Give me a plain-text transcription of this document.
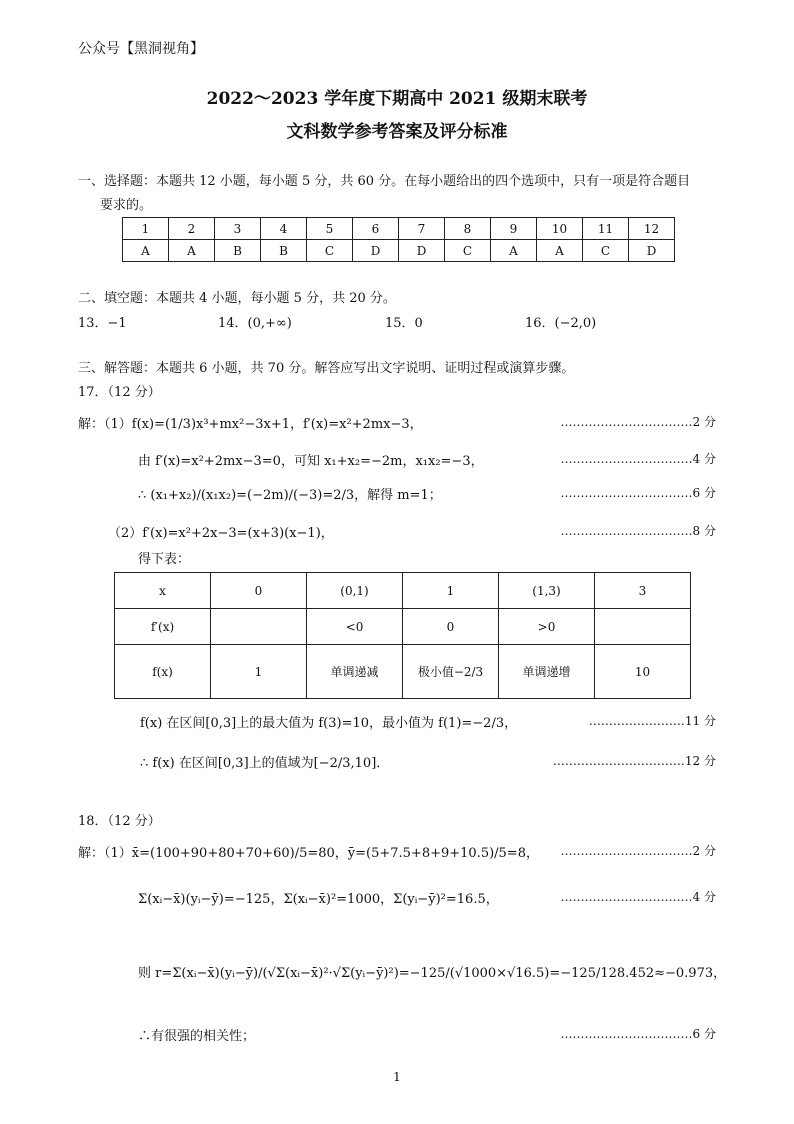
公众号【黑洞视角】
2022～2023 学年度下期高中 2021 级期末联考
文科数学参考答案及评分标准
一、选择题：本题共 12 小题，每小题 5 分，共 60 分。在每小题给出的四个选项中，只有一项是符合题目
要求的。
1	2	3	4	5	6	7	8	9	10	11	12
A	A	B	B	C	D	D	C	A	A	C	D
二、填空题：本题共 4 小题，每小题 5 分，共 20 分。
13．−1	14．(0,+∞)	15．0	16．(−2,0)
三、解答题：本题共 6 小题，共 70 分。解答应写出文字说明、证明过程或演算步骤。
17．（12 分）
解：（1）f(x)=(1/3)x³+mx²−3x+1，f′(x)=x²+2mx−3，	……………………………2 分
由 f′(x)=x²+2mx−3=0，可知 x₁+x₂=−2m，x₁x₂=−3，	……………………………4 分
∴ (x₁+x₂)/(x₁x₂)=(−2m)/(−3)=2/3，解得 m=1；	……………………………6 分
（2）f′(x)=x²+2x−3=(x+3)(x−1)，	……………………………8 分
得下表：
x	0	(0,1)	1	(1,3)	3
f′(x)		<0	0	>0	
f(x)	1	单调递减	极小值−2/3	单调递增	10
f(x) 在区间[0,3]上的最大值为 f(3)=10，最小值为 f(1)=−2/3，	……………………11 分
∴ f(x) 在区间[0,3]上的值域为[−2/3,10]．	……………………………12 分
18．（12 分）
解：（1）x̄=(100+90+80+70+60)/5=80，ȳ=(5+7.5+8+9+10.5)/5=8， ……………………………2 分
Σ(xᵢ−x̄)(yᵢ−ȳ)=−125，Σ(xᵢ−x̄)²=1000，Σ(yᵢ−ȳ)²=16.5，	……………………………4 分
则 r=Σ(xᵢ−x̄)(yᵢ−ȳ)/(√Σ(xᵢ−x̄)²·√Σ(yᵢ−ȳ)²)=−125/(√1000×√16.5)=−125/128.452≈−0.973，
∴有很强的相关性；	……………………………6 分
1
